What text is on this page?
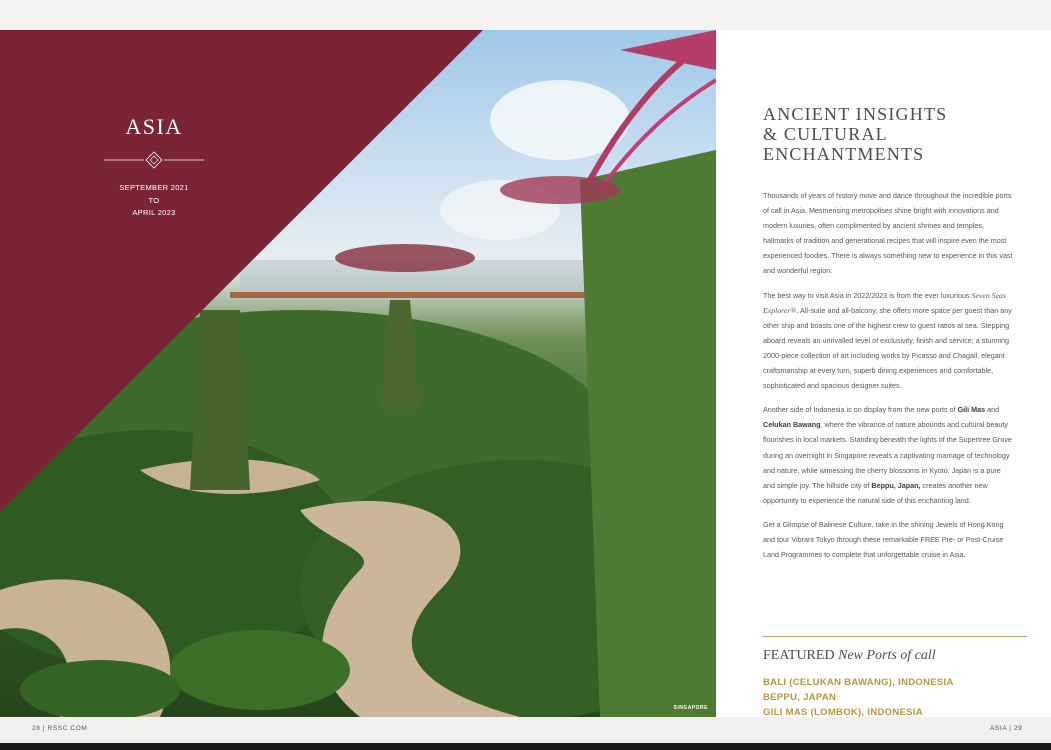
SINGAPORE
ASIA
SEPTEMBER 2021
TO
APRIL 2023
ANCIENT INSIGHTS
& CULTURAL
ENCHANTMENTS

Thousands of years of history move and dance throughout the incredible ports of call in Asia. Mesmerising metropolises shine bright with innovations and modern luxuries, often complimented by ancient shrines and temples, hallmarks of tradition and generational recipes that will inspire even the most experienced foodies. There is always something new to experience in this vast and wonderful region.

The best way to visit Asia in 2022/2023 is from the ever luxurious Seven Seas Explorer®. All-suite and all-balcony, she offers more space per guest than any other ship and boasts one of the highest crew to guest ratios at sea. Stepping aboard reveals an unrivalled level of exclusivity, finish and service; a stunning 2000-piece collection of art including works by Picasso and Chagall, elegant craftsmanship at every turn, superb dining experiences and comfortable, sophisticated and spacious designer suites.

Another side of Indonesia is on display from the new ports of Gili Mas and Celukan Bawang, where the vibrance of nature abounds and cultural beauty flourishes in local markets. Standing beneath the lights of the Supertree Grove during an overnight in Singapore reveals a captivating marriage of technology and nature, while witnessing the cherry blossoms in Kyoto, Japan is a pure and simple joy. The hillside city of Beppu, Japan, creates another new opportunity to experience the natural side of this enchanting land.

Get a Glimpse of Balinese Culture, take in the shining Jewels of Hong Kong and tour Vibrant Tokyo through these remarkable FREE Pre- or Post-Cruise Land Programmes to complete that unforgettable cruise in Asia.

FEATURED New Ports of call
BALI (CELUKAN BAWANG), INDONESIA
BEPPU, JAPAN
GILI MAS (LOMBOK), INDONESIA
28 | RSSC.COM	ASIA | 29
